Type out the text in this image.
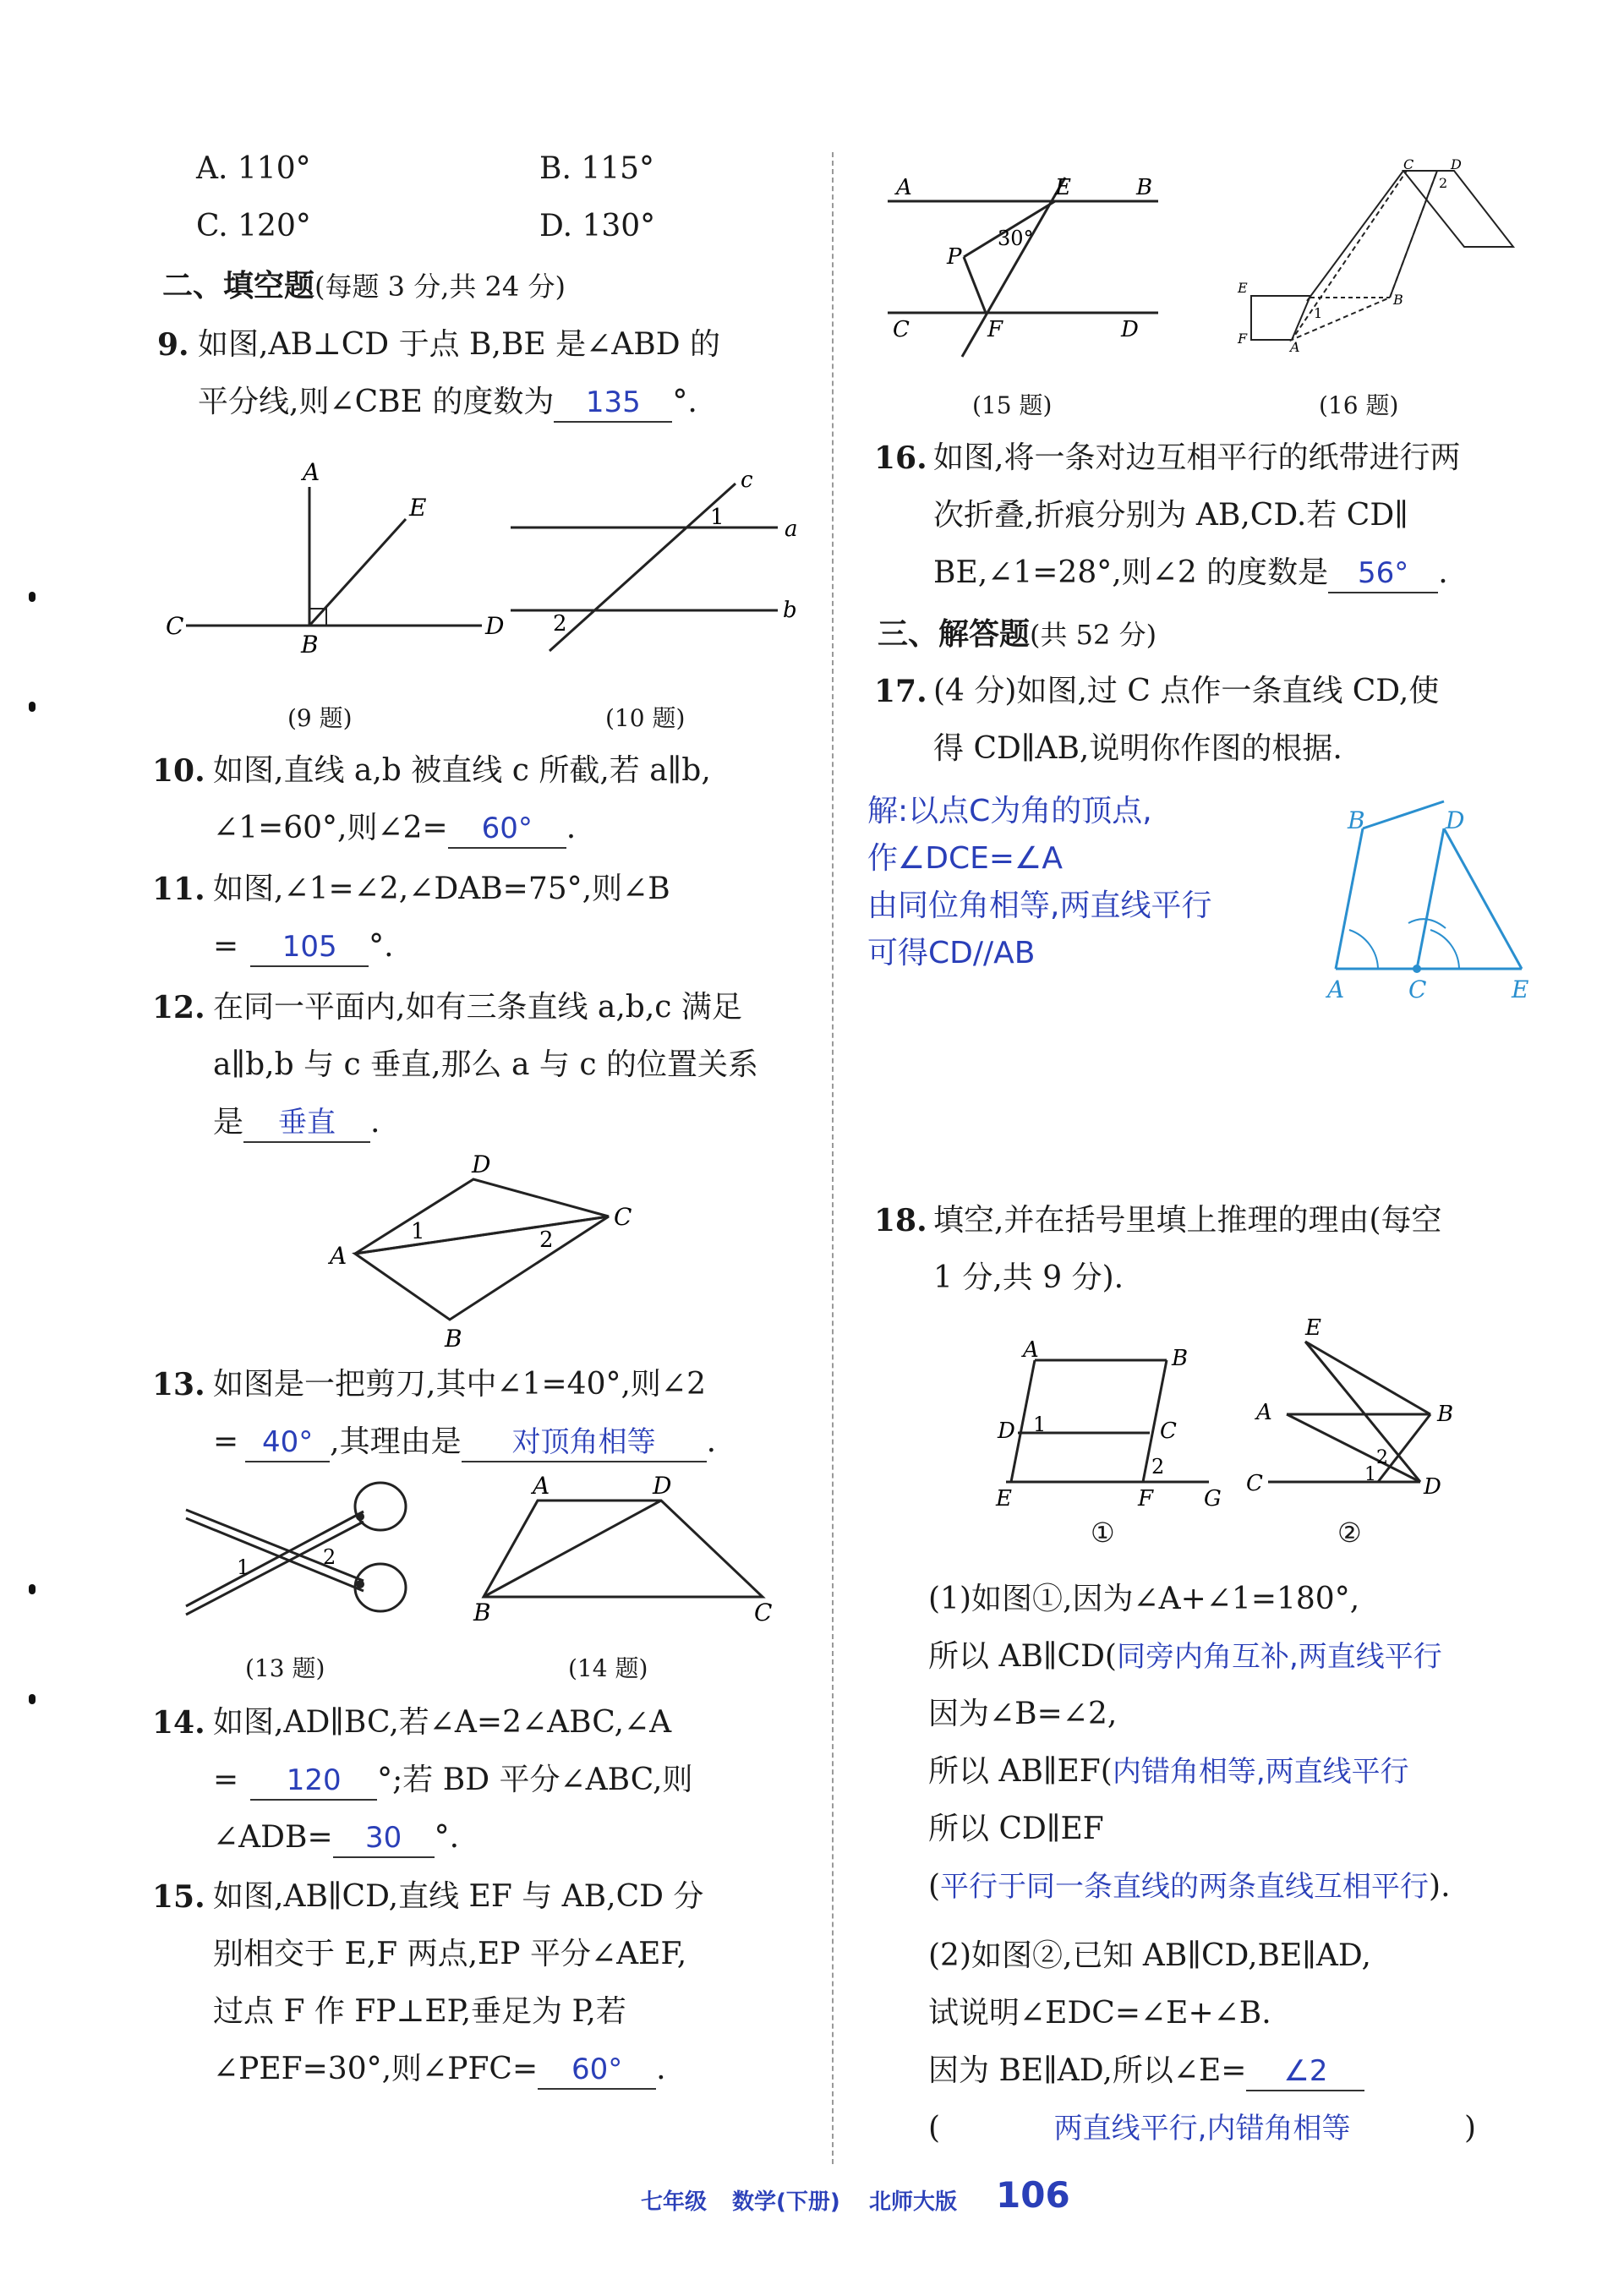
A. 110°	B. 115°
C. 120°	D. 130°
二、填空题(每题 3 分,共 24 分)
9. 如图,AB⊥CD 于点 B,BE 是∠ABD 的
平分线,则∠CBE 的度数为 135 °.
A
E
C
B
D
(9 题)
c
a
b
1
2
(10 题)
10. 如图,直线 a,b 被直线 c 所截,若 a∥b,
∠1=60°,则∠2= 60° .
11. 如图,∠1=∠2,∠DAB=75°,则∠B
= 105 °.
12. 在同一平面内,如有三条直线 a,b,c 满足
a∥b,b 与 c 垂直,那么 a 与 c 的位置关系
是 垂直 .
D
A
C
B
1	2
13. 如图是一把剪刀,其中∠1=40°,则∠2
= 40° ,其理由是 对顶角相等 .
1	2
(13 题)
A	D
B	C
(14 题)
14. 如图,AD∥BC,若∠A=2∠ABC,∠A
= 120 °;若 BD 平分∠ABC,则
∠ADB= 30 °.
15. 如图,AB∥CD,直线 EF 与 AB,CD 分
别相交于 E,F 两点,EP 平分∠AEF,
过点 F 作 FP⊥EP,垂足为 P,若
∠PEF=30°,则∠PFC= 60° .
A	E	B
P
30°
C	F	D
(15 题)
C	D
2
E
B
F
A
1
(16 题)
16. 如图,将一条对边互相平行的纸带进行两
次折叠,折痕分别为 AB,CD.若 CD∥
BE,∠1=28°,则∠2 的度数是 56° .
三、解答题(共 52 分)
17. (4 分)如图,过 C 点作一条直线 CD,使
得 CD∥AB,说明你作图的根据.
解:以点C为角的顶点,
作∠DCE=∠A
由同位角相等,两直线平行
可得CD//AB
B	D
A	C	E
18. 填空,并在括号里填上推理的理由(每空
1 分,共 9 分).
A	B
D	C
E	F G
1
2
①
E
A	B
C	D
1
2
②
(1)如图①,因为∠A+∠1=180°,
所以 AB∥CD(同旁内角互补,两直线平行
因为∠B=∠2,
所以 AB∥EF(内错角相等,两直线平行
所以 CD∥EF
(平行于同一条直线的两条直线互相平行).
(2)如图②,已知 AB∥CD,BE∥AD,
试说明∠EDC=∠E+∠B.
因为 BE∥AD,所以∠E= ∠2
(	两直线平行,内错角相等	)
七年级 数学(下册) 北师大版 106
